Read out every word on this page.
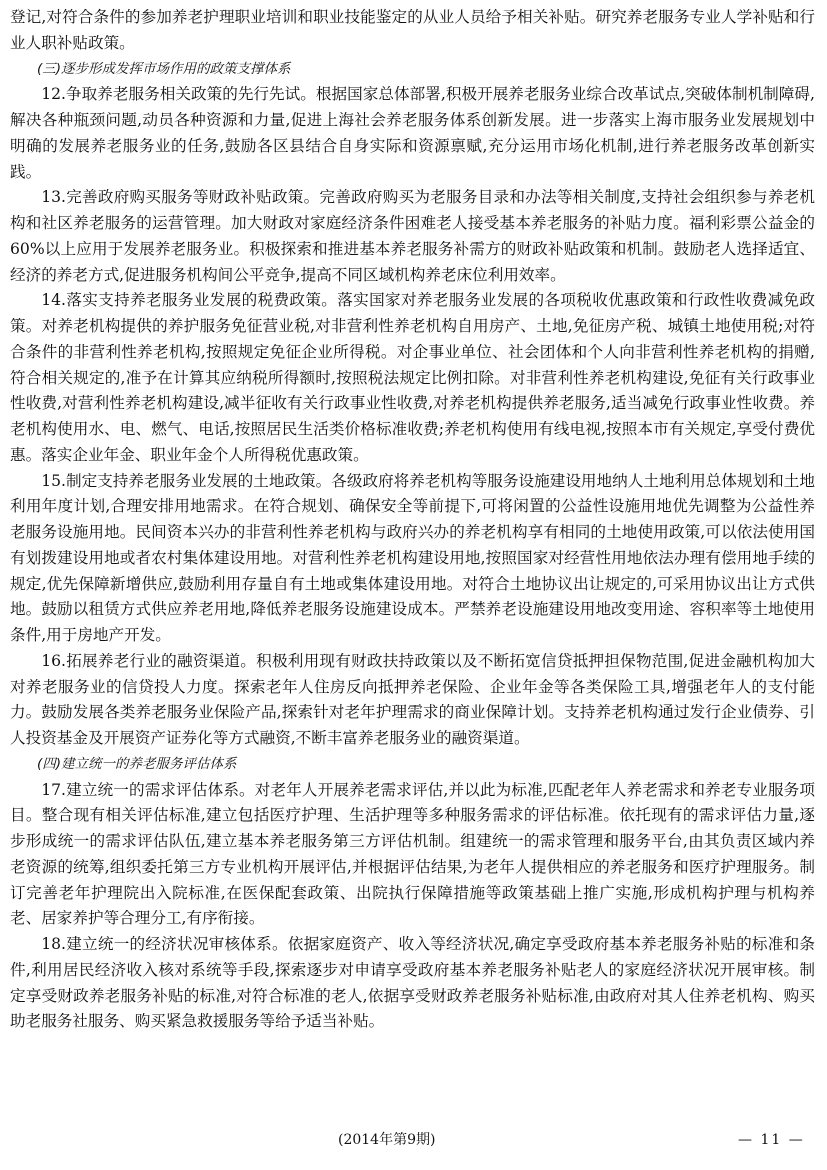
登记,对符合条件的参加养老护理职业培训和职业技能鉴定的从业人员给予相关补贴。研究养老服务专业人学补贴和行业人职补贴政策。

(三)逐步形成发挥市场作用的政策支撑体系

12.争取养老服务相关政策的先行先试。根据国家总体部署,积极开展养老服务业综合改革试点,突破体制机制障碍,解决各种瓶颈问题,动员各种资源和力量,促进上海社会养老服务体系创新发展。进一步落实上海市服务业发展规划中明确的发展养老服务业的任务,鼓励各区县结合自身实际和资源禀赋,充分运用市场化机制,进行养老服务改革创新实践。

13.完善政府购买服务等财政补贴政策。完善政府购买为老服务目录和办法等相关制度,支持社会组织参与养老机构和社区养老服务的运营管理。加大财政对家庭经济条件困难老人接受基本养老服务的补贴力度。福利彩票公益金的60%以上应用于发展养老服务业。积极探索和推进基本养老服务补需方的财政补贴政策和机制。鼓励老人选择适宜、经济的养老方式,促进服务机构间公平竞争,提高不同区域机构养老床位利用效率。

14.落实支持养老服务业发展的税费政策。落实国家对养老服务业发展的各项税收优惠政策和行政性收费减免政策。对养老机构提供的养护服务免征营业税,对非营利性养老机构自用房产、土地,免征房产税、城镇土地使用税;对符合条件的非营利性养老机构,按照规定免征企业所得税。对企事业单位、社会团体和个人向非营利性养老机构的捐赠,符合相关规定的,准予在计算其应纳税所得额时,按照税法规定比例扣除。对非营利性养老机构建设,免征有关行政事业性收费,对营利性养老机构建设,减半征收有关行政事业性收费,对养老机构提供养老服务,适当减免行政事业性收费。养老机构使用水、电、燃气、电话,按照居民生活类价格标准收费;养老机构使用有线电视,按照本市有关规定,享受付费优惠。落实企业年金、职业年金个人所得税优惠政策。

15.制定支持养老服务业发展的土地政策。各级政府将养老机构等服务设施建设用地纳人土地利用总体规划和土地利用年度计划,合理安排用地需求。在符合规划、确保安全等前提下,可将闲置的公益性设施用地优先调整为公益性养老服务设施用地。民间资本兴办的非营利性养老机构与政府兴办的养老机构享有相同的土地使用政策,可以依法使用国有划拨建设用地或者农村集体建设用地。对营利性养老机构建设用地,按照国家对经营性用地依法办理有偿用地手续的规定,优先保障新增供应,鼓励利用存量自有土地或集体建设用地。对符合土地协议出让规定的,可采用协议出让方式供地。鼓励以租赁方式供应养老用地,降低养老服务设施建设成本。严禁养老设施建设用地改变用途、容积率等土地使用条件,用于房地产开发。

16.拓展养老行业的融资渠道。积极利用现有财政扶持政策以及不断拓宽信贷抵押担保物范围,促进金融机构加大对养老服务业的信贷投人力度。探索老年人住房反向抵押养老保险、企业年金等各类保险工具,增强老年人的支付能力。鼓励发展各类养老服务业保险产品,探索针对老年护理需求的商业保障计划。支持养老机构通过发行企业债券、引人投资基金及开展资产证券化等方式融资,不断丰富养老服务业的融资渠道。

(四)建立统一的养老服务评估体系

17.建立统一的需求评估体系。对老年人开展养老需求评估,并以此为标准,匹配老年人养老需求和养老专业服务项目。整合现有相关评估标准,建立包括医疗护理、生活护理等多种服务需求的评估标准。依托现有的需求评估力量,逐步形成统一的需求评估队伍,建立基本养老服务第三方评估机制。组建统一的需求管理和服务平台,由其负责区域内养老资源的统筹,组织委托第三方专业机构开展评估,并根据评估结果,为老年人提供相应的养老服务和医疗护理服务。制订完善老年护理院出入院标准,在医保配套政策、出院执行保障措施等政策基础上推广实施,形成机构护理与机构养老、居家养护等合理分工,有序衔接。

18.建立统一的经济状况审核体系。依据家庭资产、收入等经济状况,确定享受政府基本养老服务补贴的标准和条件,利用居民经济收入核对系统等手段,探索逐步对申请享受政府基本养老服务补贴老人的家庭经济状况开展审核。制定享受财政养老服务补贴的标准,对符合标准的老人,依据享受财政养老服务补贴标准,由政府对其人住养老机构、购买助老服务社服务、购买紧急救援服务等给予适当补贴。

(2014年第9期)	— 11 —
